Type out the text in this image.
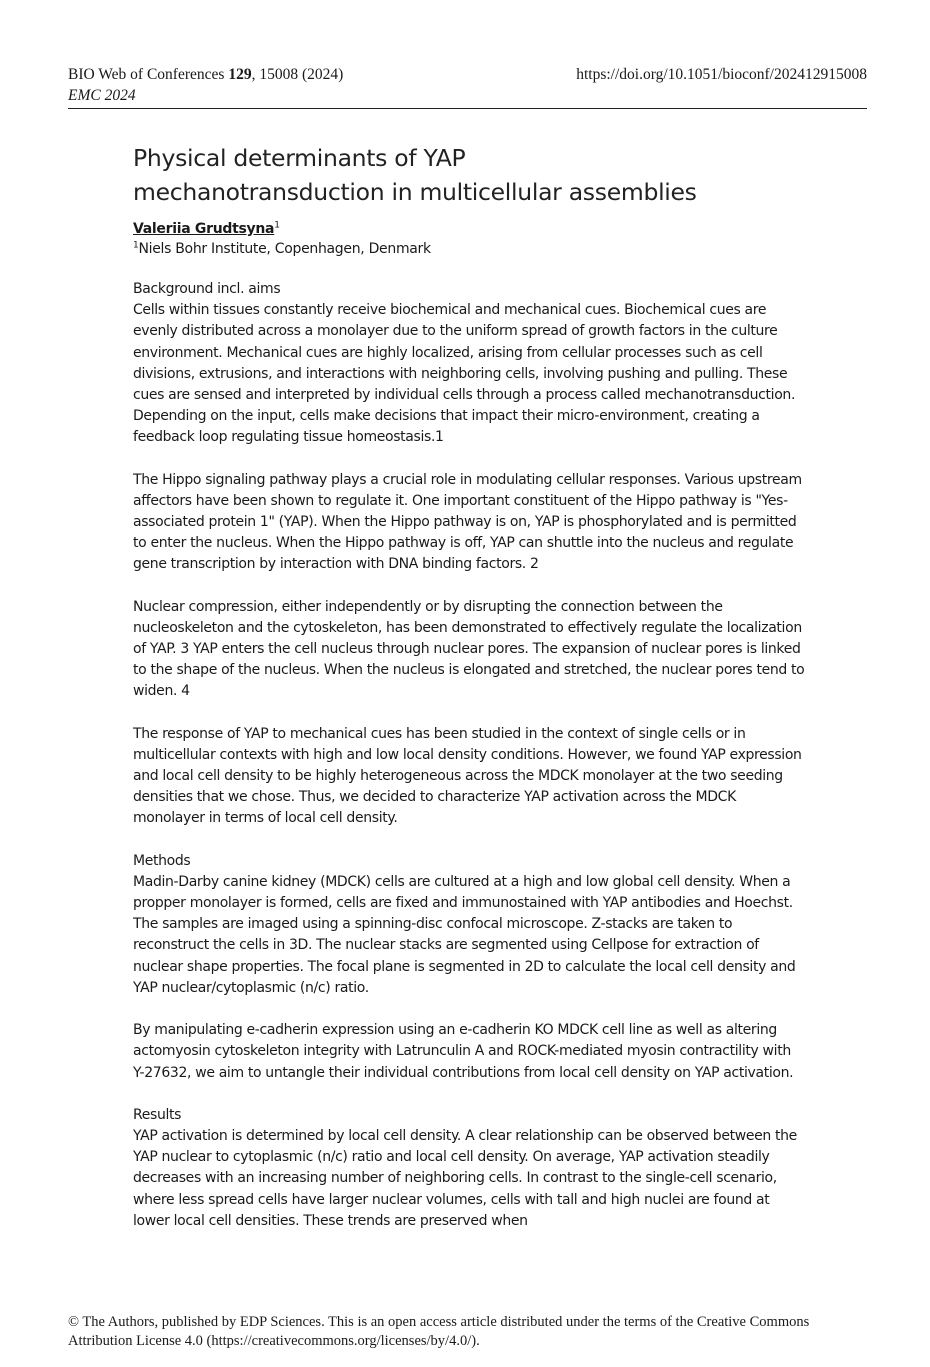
BIO Web of Conferences 129, 15008 (2024)	https://doi.org/10.1051/bioconf/202412915008
EMC 2024
Physical determinants of YAP
mechanotransduction in multicellular assemblies
Valeriia Grudtsyna$^1$
$^1$Niels Bohr Institute, Copenhagen, Denmark
Background incl. aims

Cells within tissues constantly receive biochemical and mechanical cues. Biochemical cues are evenly distributed across a monolayer due to the uniform spread of growth factors in the culture environment. Mechanical cues are highly localized, arising from cellular processes such as cell divisions, extrusions, and interactions with neighboring cells, involving pushing and pulling. These cues are sensed and interpreted by individual cells through a process called mechanotransduction. Depending on the input, cells make decisions that impact their micro-environment, creating a feedback loop regulating tissue homeostasis.1

The Hippo signaling pathway plays a crucial role in modulating cellular responses. Various upstream affectors have been shown to regulate it. One important constituent of the Hippo pathway is "Yes-associated protein 1" (YAP). When the Hippo pathway is on, YAP is phosphorylated and is permitted to enter the nucleus. When the Hippo pathway is off, YAP can shuttle into the nucleus and regulate gene transcription by interaction with DNA binding factors. 2

Nuclear compression, either independently or by disrupting the connection between the nucleoskeleton and the cytoskeleton, has been demonstrated to effectively regulate the localization of YAP. 3 YAP enters the cell nucleus through nuclear pores. The expansion of nuclear pores is linked to the shape of the nucleus. When the nucleus is elongated and stretched, the nuclear pores tend to widen. 4

The response of YAP to mechanical cues has been studied in the context of single cells or in multicellular contexts with high and low local density conditions. However, we found YAP expression and local cell density to be highly heterogeneous across the MDCK monolayer at the two seeding densities that we chose. Thus, we decided to characterize YAP activation across the MDCK monolayer in terms of local cell density.

Methods

Madin-Darby canine kidney (MDCK) cells are cultured at a high and low global cell density. When a propper monolayer is formed, cells are fixed and immunostained with YAP antibodies and Hoechst. The samples are imaged using a spinning-disc confocal microscope. Z-stacks are taken to reconstruct the cells in 3D. The nuclear stacks are segmented using Cellpose for extraction of nuclear shape properties. The focal plane is segmented in 2D to calculate the local cell density and YAP nuclear/cytoplasmic (n/c) ratio.

By manipulating e-cadherin expression using an e-cadherin KO MDCK cell line as well as altering actomyosin cytoskeleton integrity with Latrunculin A and ROCK-mediated myosin contractility with Y-27632, we aim to untangle their individual contributions from local cell density on YAP activation.

Results

YAP activation is determined by local cell density. A clear relationship can be observed between the YAP nuclear to cytoplasmic (n/c) ratio and local cell density. On average, YAP activation steadily decreases with an increasing number of neighboring cells. In contrast to the single-cell scenario, where less spread cells have larger nuclear volumes, cells with tall and high nuclei are found at lower local cell densities. These trends are preserved when

© The Authors, published by EDP Sciences. This is an open access article distributed under the terms of the Creative Commons
Attribution License 4.0 (https://creativecommons.org/licenses/by/4.0/).
